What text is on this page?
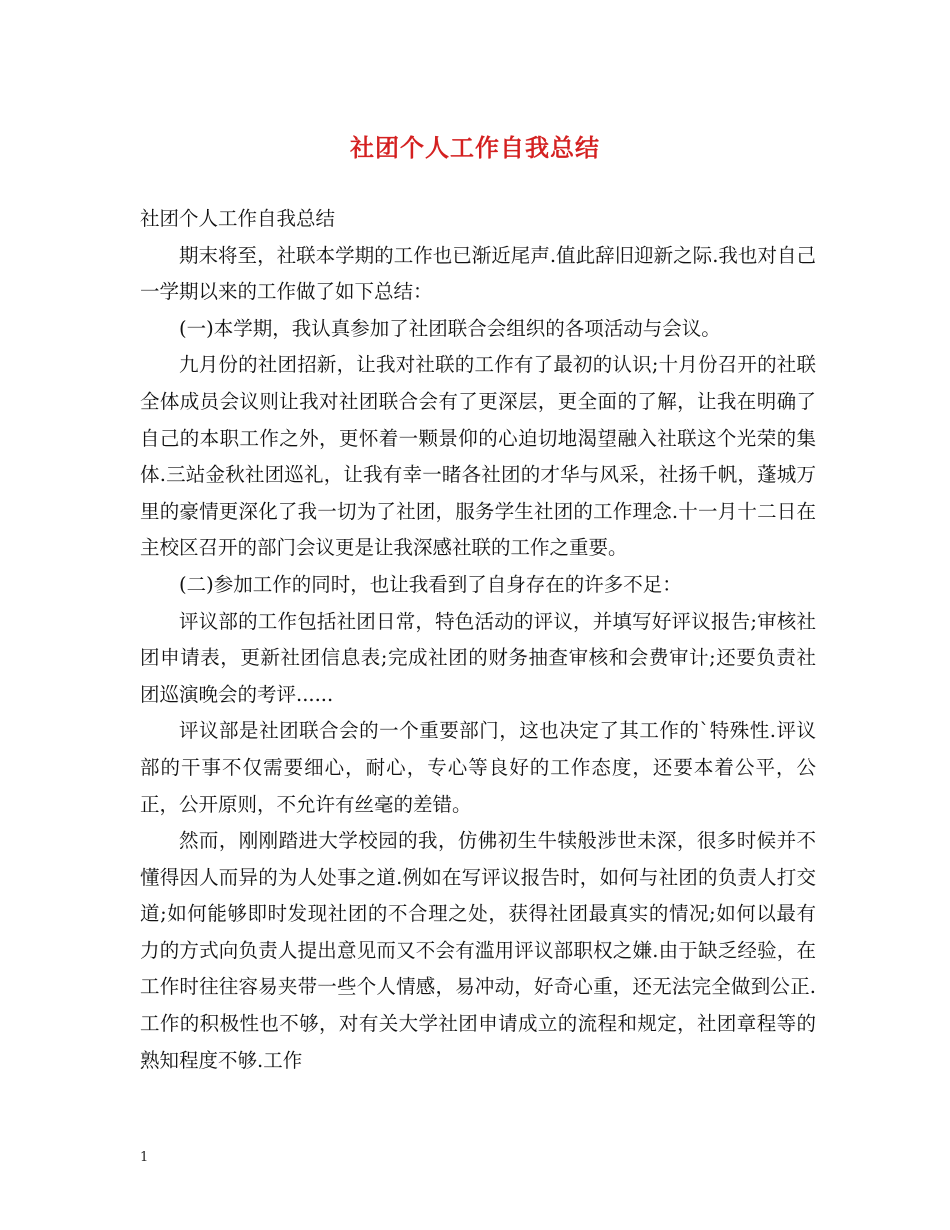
社团个人工作自我总结

社团个人工作自我总结

期末将至，社联本学期的工作也已渐近尾声.值此辞旧迎新之际.我也对自己一学期以来的工作做了如下总结：

(一)本学期，我认真参加了社团联合会组织的各项活动与会议。

九月份的社团招新，让我对社联的工作有了最初的认识;十月份召开的社联全体成员会议则让我对社团联合会有了更深层，更全面的了解，让我在明确了自己的本职工作之外，更怀着一颗景仰的心迫切地渴望融入社联这个光荣的集体.三站金秋社团巡礼，让我有幸一睹各社团的才华与风采，社扬千帆，蓬城万里的豪情更深化了我一切为了社团，服务学生社团的工作理念.十一月十二日在主校区召开的部门会议更是让我深感社联的工作之重要。

(二)参加工作的同时，也让我看到了自身存在的许多不足：

评议部的工作包括社团日常，特色活动的评议，并填写好评议报告;审核社团申请表，更新社团信息表;完成社团的财务抽查审核和会费审计;还要负责社团巡演晚会的考评......

评议部是社团联合会的一个重要部门，这也决定了其工作的`特殊性.评议部的干事不仅需要细心，耐心，专心等良好的工作态度，还要本着公平，公正，公开原则，不允许有丝毫的差错。

然而，刚刚踏进大学校园的我，仿佛初生牛犊般涉世未深，很多时候并不懂得因人而异的为人处事之道.例如在写评议报告时，如何与社团的负责人打交道;如何能够即时发现社团的不合理之处，获得社团最真实的情况;如何以最有力的方式向负责人提出意见而又不会有滥用评议部职权之嫌.由于缺乏经验，在工作时往往容易夹带一些个人情感，易冲动，好奇心重，还无法完全做到公正.工作的积极性也不够，对有关大学社团申请成立的流程和规定，社团章程等的熟知程度不够.工作

1
